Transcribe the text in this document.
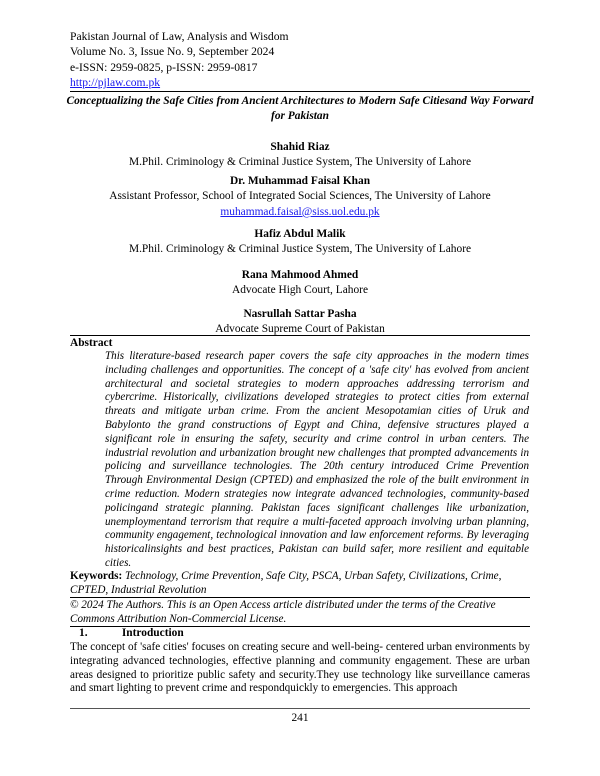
Pakistan Journal of Law, Analysis and Wisdom
Volume No. 3, Issue No. 9, September 2024
e-ISSN: 2959-0825, p-ISSN: 2959-0817
http://pjlaw.com.pk
Conceptualizing the Safe Cities from Ancient Architectures to Modern Safe Citiesand Way Forward for Pakistan
Shahid Riaz
M.Phil. Criminology & Criminal Justice System, The University of Lahore
Dr. Muhammad Faisal Khan
Assistant Professor, School of Integrated Social Sciences, The University of Lahore
muhammad.faisal@siss.uol.edu.pk
Hafiz Abdul Malik
M.Phil. Criminology & Criminal Justice System, The University of Lahore
Rana Mahmood Ahmed
Advocate High Court, Lahore
Nasrullah Sattar Pasha
Advocate Supreme Court of Pakistan
Abstract
This literature-based research paper covers the safe city approaches in the modern times including challenges and opportunities. The concept of a 'safe city' has evolved from ancient architectural and societal strategies to modern approaches addressing terrorism and cybercrime. Historically, civilizations developed strategies to protect cities from external threats and mitigate urban crime. From the ancient Mesopotamian cities of Uruk and Babylonto the grand constructions of Egypt and China, defensive structures played a significant role in ensuring the safety, security and crime control in urban centers. The industrial revolution and urbanization brought new challenges that prompted advancements in policing and surveillance technologies. The 20th century introduced Crime Prevention Through Environmental Design (CPTED) and emphasized the role of the built environment in crime reduction. Modern strategies now integrate advanced technologies, community-based policingand strategic planning. Pakistan faces significant challenges like urbanization, unemploymentand terrorism that require a multi-faceted approach involving urban planning, community engagement, technological innovation and law enforcement reforms. By leveraging historicalinsights and best practices, Pakistan can build safer, more resilient and equitable cities.
Keywords: Technology, Crime Prevention, Safe City, PSCA, Urban Safety, Civilizations, Crime, CPTED, Industrial Revolution
© 2024 The Authors. This is an Open Access article distributed under the terms of the Creative Commons Attribution Non-Commercial License.
1.	Introduction
The concept of 'safe cities' focuses on creating secure and well-being- centered urban environments by integrating advanced technologies, effective planning and community engagement. These are urban areas designed to prioritize public safety and security.They use technology like surveillance cameras and smart lighting to prevent crime and respondquickly to emergencies. This approach
241
